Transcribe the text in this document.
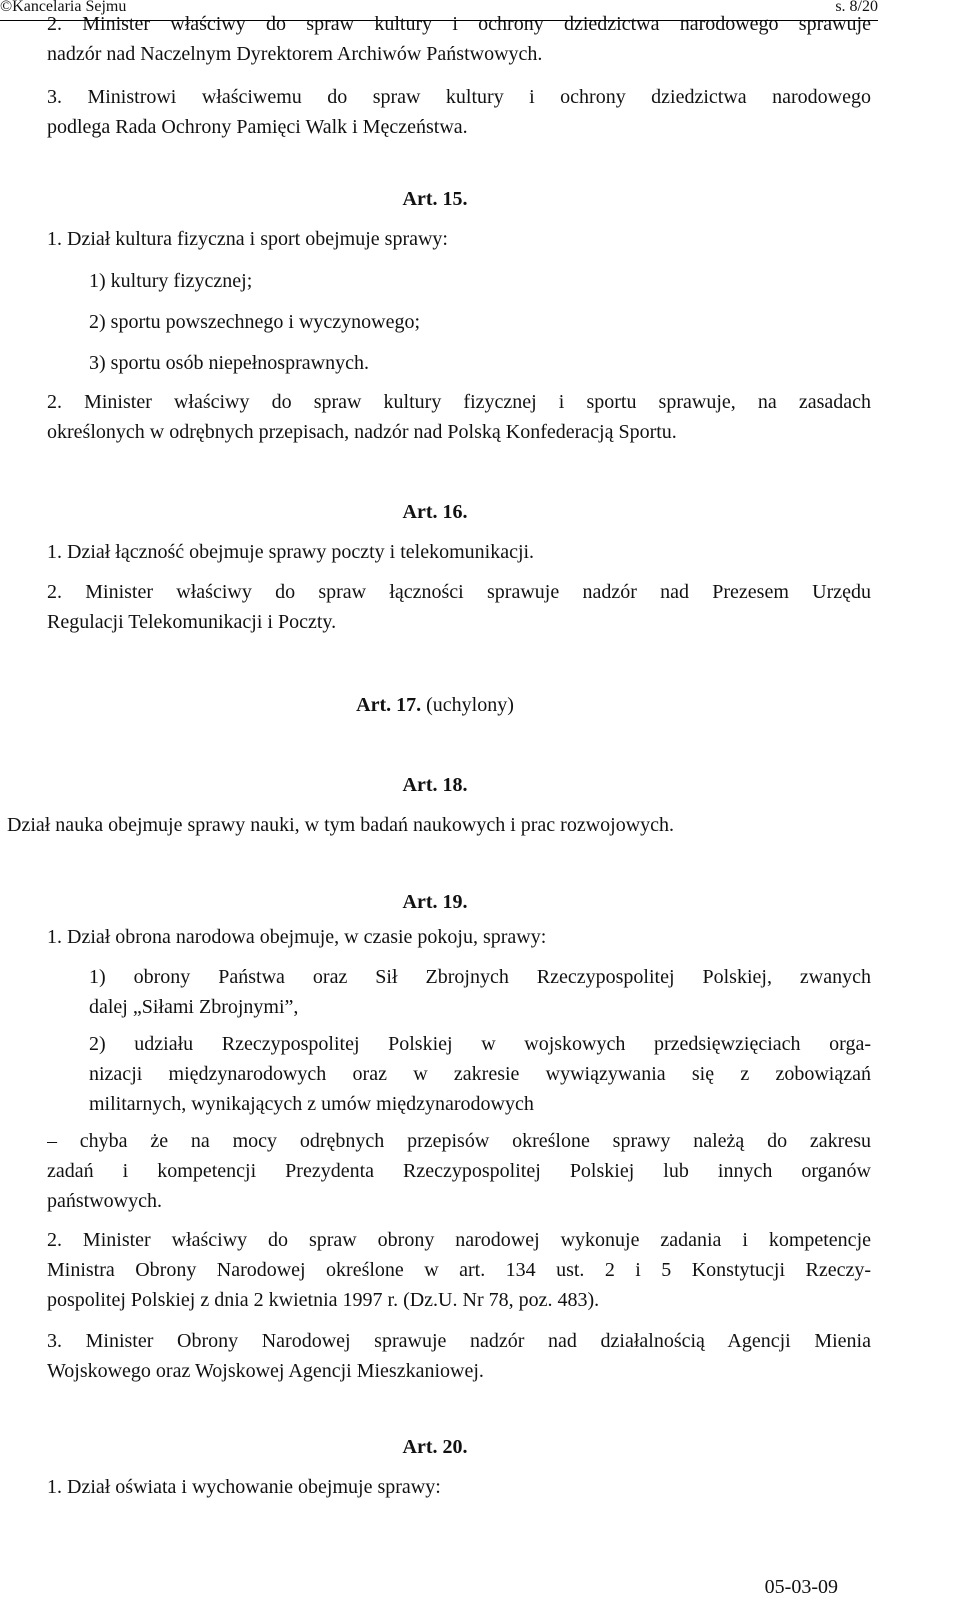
©Kancelaria Sejmu	s. 8/20
2. Minister właściwy do spraw kultury i ochrony dziedzictwa narodowego sprawuje
nadzór nad Naczelnym Dyrektorem Archiwów Państwowych.
3. Ministrowi właściwemu do spraw kultury i ochrony dziedzictwa narodowego
podlega Rada Ochrony Pamięci Walk i Męczeństwa.
Art. 15.
1. Dział kultura fizyczna i sport obejmuje sprawy:
1) kultury fizycznej;
2) sportu powszechnego i wyczynowego;
3) sportu osób niepełnosprawnych.
2. Minister właściwy do spraw kultury fizycznej i sportu sprawuje, na zasadach
określonych w odrębnych przepisach, nadzór nad Polską Konfederacją Sportu.
Art. 16.
1. Dział łączność obejmuje sprawy poczty i telekomunikacji.
2. Minister właściwy do spraw łączności sprawuje nadzór nad Prezesem Urzędu
Regulacji Telekomunikacji i Poczty.
Art. 17. (uchylony)
Art. 18.
Dział nauka obejmuje sprawy nauki, w tym badań naukowych i prac rozwojowych.
Art. 19.
1. Dział obrona narodowa obejmuje, w czasie pokoju, sprawy:
1) obrony Państwa oraz Sił Zbrojnych Rzeczypospolitej Polskiej, zwanych
dalej „Siłami Zbrojnymi”,
2) udziału Rzeczypospolitej Polskiej w wojskowych przedsięwzięciach orga-
nizacji międzynarodowych oraz w zakresie wywiązywania się z zobowiązań
militarnych, wynikających z umów międzynarodowych
– chyba że na mocy odrębnych przepisów określone sprawy należą do zakresu
zadań i kompetencji Prezydenta Rzeczypospolitej Polskiej lub innych organów
państwowych.
2. Minister właściwy do spraw obrony narodowej wykonuje zadania i kompetencje
Ministra Obrony Narodowej określone w art. 134 ust. 2 i 5 Konstytucji Rzeczy-
pospolitej Polskiej z dnia 2 kwietnia 1997 r. (Dz.U. Nr 78, poz. 483).
3. Minister Obrony Narodowej sprawuje nadzór nad działalnością Agencji Mienia
Wojskowego oraz Wojskowej Agencji Mieszkaniowej.
Art. 20.
1. Dział oświata i wychowanie obejmuje sprawy:
05-03-09
